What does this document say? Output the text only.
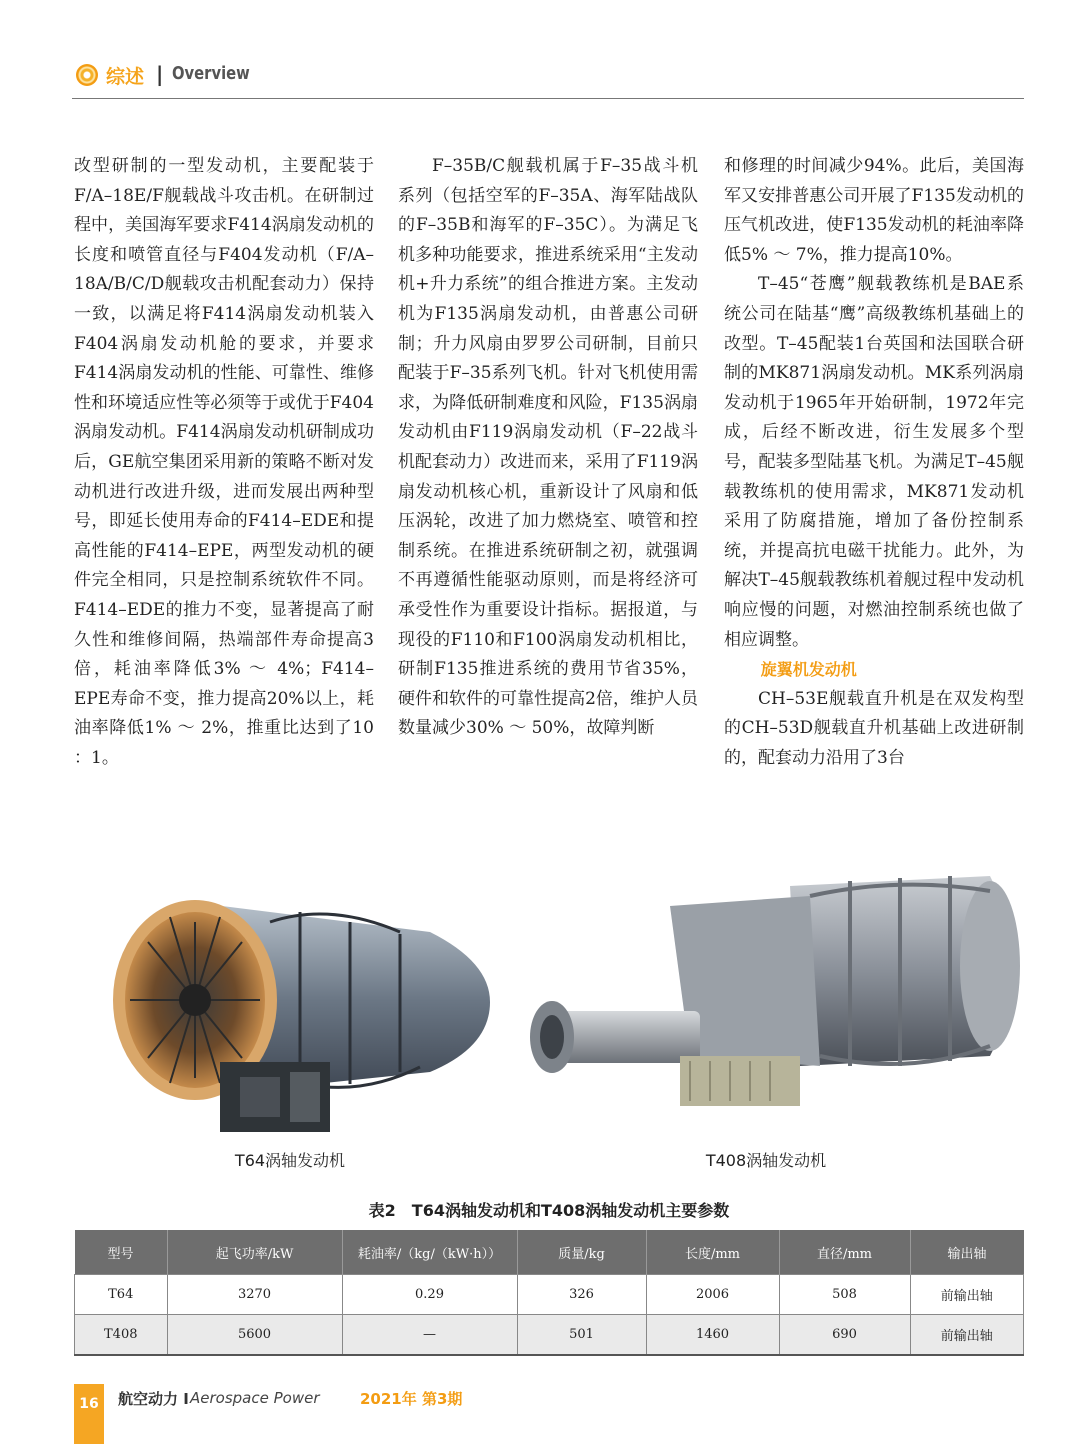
综述 | Overview

改型研制的一型发动机，主要配装于F/A–18E/F舰载战斗攻击机。在研制过程中，美国海军要求F414涡扇发动机的长度和喷管直径与F404发动机（F/A–18A/B/C/D舰载攻击机配套动力）保持一致，以满足将F414涡扇发动机装入F404涡扇发动机舱的要求，并要求F414涡扇发动机的性能、可靠性、维修性和环境适应性等必须等于或优于F404涡扇发动机。F414涡扇发动机研制成功后，GE航空集团采用新的策略不断对发动机进行改进升级，进而发展出两种型号，即延长使用寿命的F414–EDE和提高性能的F414–EPE，两型发动机的硬件完全相同，只是控制系统软件不同。F414–EDE的推力不变，显著提高了耐久性和维修间隔，热端部件寿命提高3倍，耗油率降低3% ～ 4%；F414–EPE寿命不变，推力提高20%以上，耗油率降低1% ～ 2%，推重比达到了10 ：1。

F–35B/C舰载机属于F–35战斗机系列（包括空军的F–35A、海军陆战队的F–35B和海军的F–35C）。为满足飞机多种功能要求，推进系统采用“主发动机+升力系统”的组合推进方案。主发动机为F135涡扇发动机，由普惠公司研制；升力风扇由罗罗公司研制，目前只配装于F–35系列飞机。针对飞机使用需求，为降低研制难度和风险，F135涡扇发动机由F119涡扇发动机（F–22战斗机配套动力）改进而来，采用了F119涡扇发动机核心机，重新设计了风扇和低压涡轮，改进了加力燃烧室、喷管和控制系统。在推进系统研制之初，就强调不再遵循性能驱动原则，而是将经济可承受性作为重要设计指标。据报道，与现役的F110和F100涡扇发动机相比，研制F135推进系统的费用节省35%，硬件和软件的可靠性提高2倍，维护人员数量减少30% ～ 50%，故障判断

和修理的时间减少94%。此后，美国海军又安排普惠公司开展了F135发动机的压气机改进，使F135发动机的耗油率降低5% ～ 7%，推力提高10%。

T–45“苍鹰”舰载教练机是BAE系统公司在陆基“鹰”高级教练机基础上的改型。T–45配装1台英国和法国联合研制的MK871涡扇发动机。MK系列涡扇发动机于1965年开始研制，1972年完成，后经不断改进，衍生发展多个型号，配装多型陆基飞机。为满足T–45舰载教练机的使用需求，MK871发动机采用了防腐措施，增加了备份控制系统，并提高抗电磁干扰能力。此外，为解决T–45舰载教练机着舰过程中发动机响应慢的问题，对燃油控制系统也做了相应调整。

旋翼机发动机

CH–53E舰载直升机是在双发构型的CH–53D舰载直升机基础上改进研制的，配套动力沿用了3台

T64涡轴发动机	T408涡轴发动机
表2　T64涡轴发动机和T408涡轴发动机主要参数
型号	起飞功率/kW	耗油率/（kg/（kW·h））	质量/kg	长度/mm	直径/mm	输出轴
T64	3270	0.29	326	2006	508	前输出轴
T408	5600	—	501	1460	690	前输出轴
16	航空动力 I Aerospace Power	2021年 第3期
